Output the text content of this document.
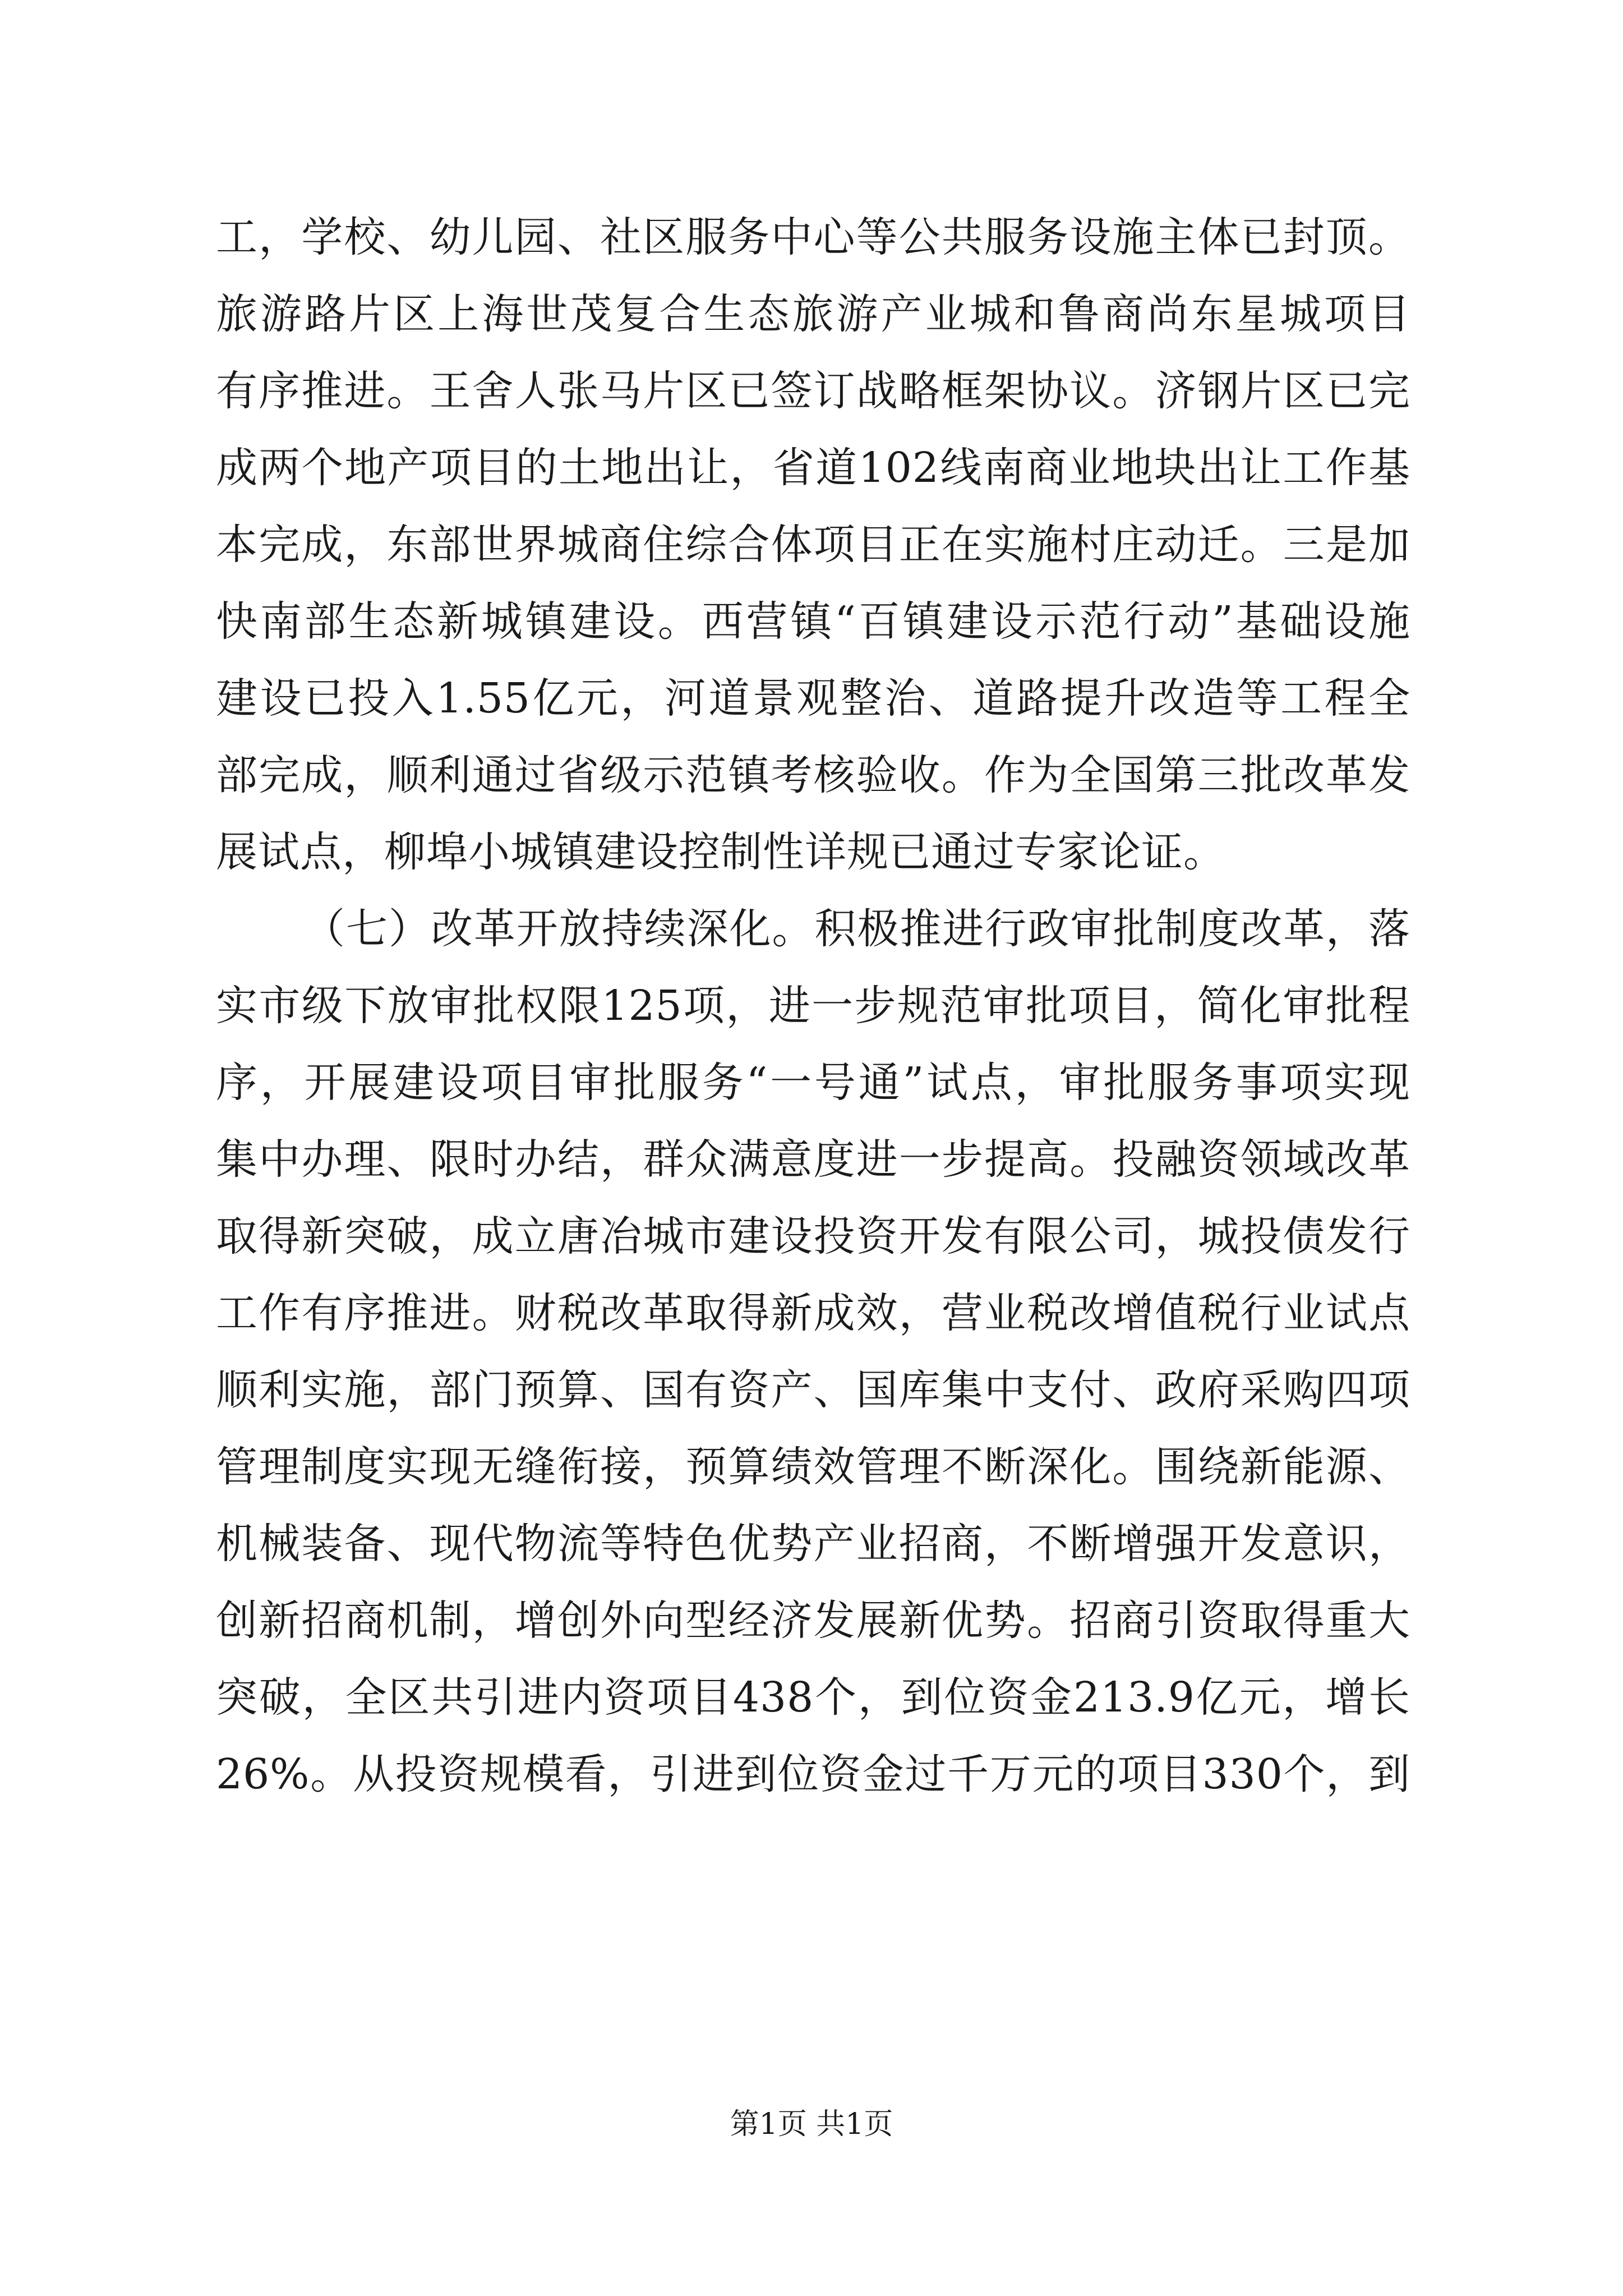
工，学校、幼儿园、社区服务中心等公共服务设施主体已封顶。
旅游路片区上海世茂复合生态旅游产业城和鲁商尚东星城项目
有序推进。王舍人张马片区已签订战略框架协议。济钢片区已完
成两个地产项目的土地出让，省道102线南商业地块出让工作基
本完成，东部世界城商住综合体项目正在实施村庄动迁。三是加
快南部生态新城镇建设。西营镇“百镇建设示范行动”基础设施
建设已投入1.55亿元，河道景观整治、道路提升改造等工程全
部完成，顺利通过省级示范镇考核验收。作为全国第三批改革发
展试点，柳埠小城镇建设控制性详规已通过专家论证。
（七）改革开放持续深化。积极推进行政审批制度改革，落
实市级下放审批权限125项，进一步规范审批项目，简化审批程
序，开展建设项目审批服务“一号通”试点，审批服务事项实现
集中办理、限时办结，群众满意度进一步提高。投融资领域改革
取得新突破，成立唐冶城市建设投资开发有限公司，城投债发行
工作有序推进。财税改革取得新成效，营业税改增值税行业试点
顺利实施，部门预算、国有资产、国库集中支付、政府采购四项
管理制度实现无缝衔接，预算绩效管理不断深化。围绕新能源、
机械装备、现代物流等特色优势产业招商，不断增强开发意识，
创新招商机制，增创外向型经济发展新优势。招商引资取得重大
突破，全区共引进内资项目438个，到位资金213.9亿元，增长
26%。从投资规模看，引进到位资金过千万元的项目330个，到
第1页 共1页
